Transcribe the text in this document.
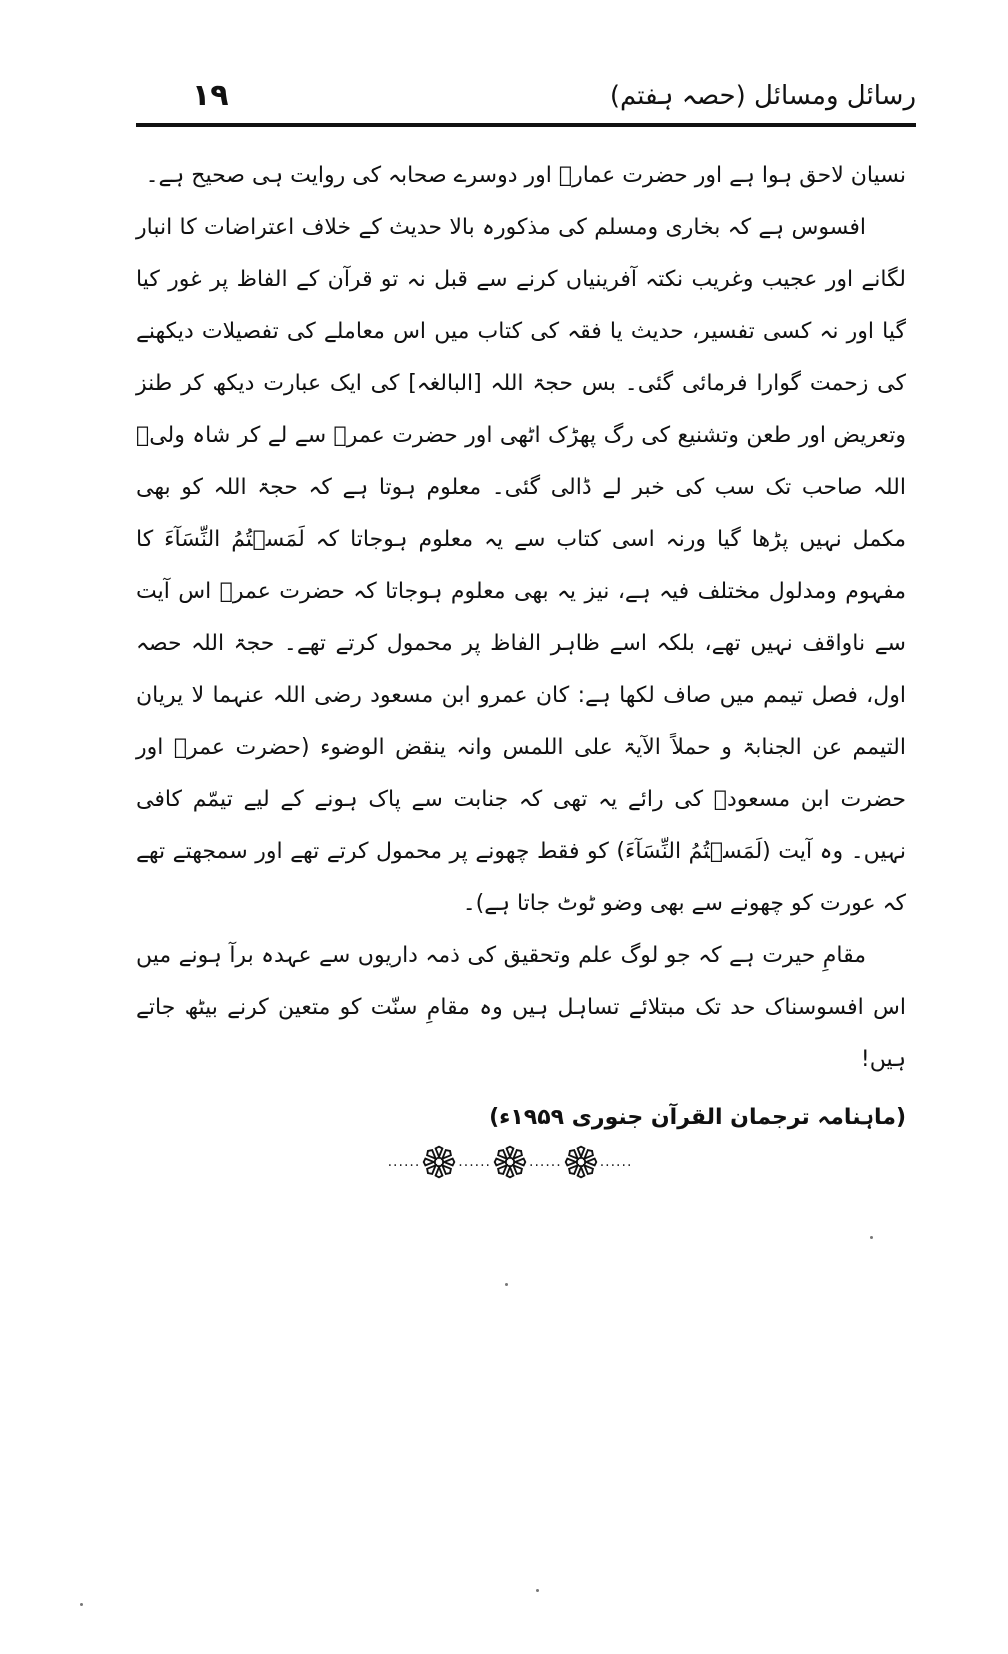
رسائل ومسائل (حصہ ہفتم)
۱۹

نسیان لاحق ہوا ہے اور حضرت عمارؓ اور دوسرے صحابہ کی روایت ہی صحیح ہے۔

افسوس ہے کہ بخاری ومسلم کی مذکورہ بالا حدیث کے خلاف اعتراضات کا انبار لگانے اور عجیب وغریب نکتہ آفرینیاں کرنے سے قبل نہ تو قرآن کے الفاظ پر غور کیا گیا اور نہ کسی تفسیر، حدیث یا فقہ کی کتاب میں اس معاملے کی تفصیلات دیکھنے کی زحمت گوارا فرمائی گئی۔ بس حجۃ اللہ [البالغہ] کی ایک عبارت دیکھ کر طنز وتعریض اور طعن وتشنیع کی رگ پھڑک اٹھی اور حضرت عمرؓ سے لے کر شاہ ولیؒ اللہ صاحب تک سب کی خبر لے ڈالی گئی۔ معلوم ہوتا ہے کہ حجۃ اللہ کو بھی مکمل نہیں پڑھا گیا ورنہ اسی کتاب سے یہ معلوم ہوجاتا کہ لَمَسۡتُمُ النِّسَآءَ کا مفہوم ومدلول مختلف فیہ ہے، نیز یہ بھی معلوم ہوجاتا کہ حضرت عمرؓ اس آیت سے ناواقف نہیں تھے، بلکہ اسے ظاہر الفاظ پر محمول کرتے تھے۔ حجۃ اللہ حصہ اول، فصل تیمم میں صاف لکھا ہے: کان عمرو ابن مسعود رضی اللہ عنہما لا یریان التیمم عن الجنابۃ و حملاً الآیۃ علی اللمس وانہ ینقض الوضوء (حضرت عمرؓ اور حضرت ابن مسعودؓ کی رائے یہ تھی کہ جنابت سے پاک ہونے کے لیے تیمّم کافی نہیں۔ وہ آیت (لَمَسۡتُمُ النِّسَآءَ) کو فقط چھونے پر محمول کرتے تھے اور سمجھتے تھے کہ عورت کو چھونے سے بھی وضو ٹوٹ جاتا ہے)۔

مقامِ حیرت ہے کہ جو لوگ علم وتحقیق کی ذمہ داریوں سے عہدہ برآ ہونے میں اس افسوسناک حد تک مبتلائے تساہل ہیں وہ مقامِ سنّت کو متعین کرنے بیٹھ جاتے ہیں!

(ماہنامہ ترجمان القرآن جنوری ۱۹۵۹ء)

......	......	......	......
